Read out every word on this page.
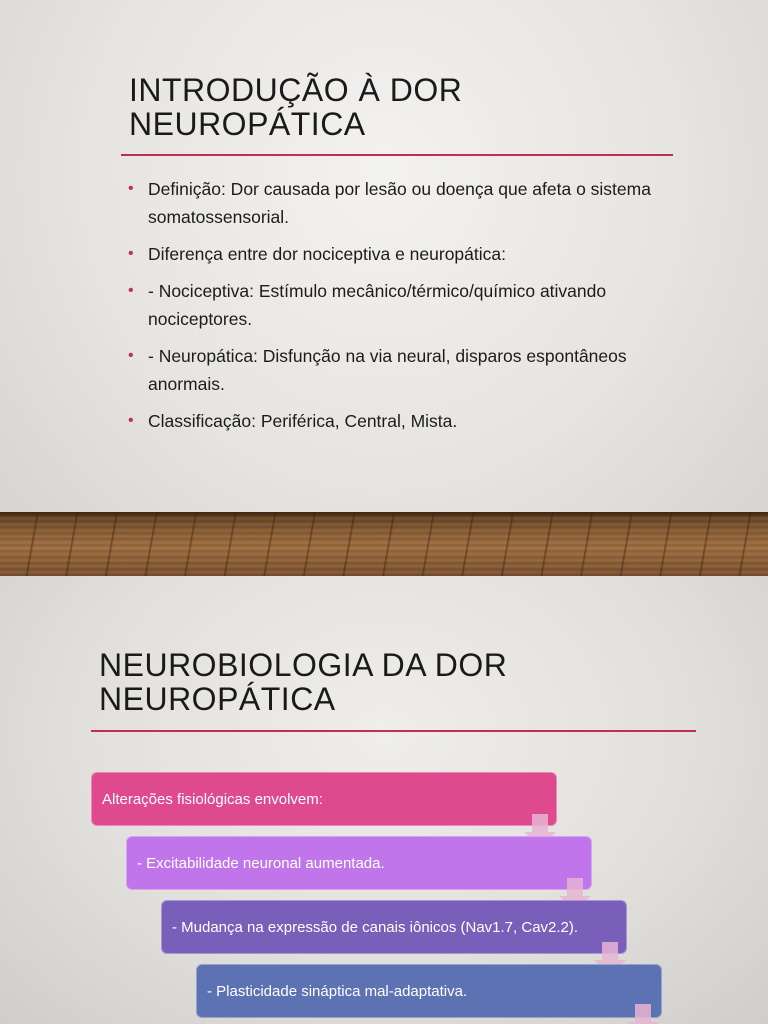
INTRODUÇÃO À DOR
NEUROPÁTICA
• Definição: Dor causada por lesão ou doença que afeta o sistema somatossensorial.
• Diferença entre dor nociceptiva e neuropática:
• - Nociceptiva: Estímulo mecânico/térmico/químico ativando nociceptores.
• - Neuropática: Disfunção na via neural, disparos espontâneos anormais.
• Classificação: Periférica, Central, Mista.
NEUROBIOLOGIA DA DOR
NEUROPÁTICA
Alterações fisiológicas envolvem:
- Excitabilidade neuronal aumentada.
- Mudança na expressão de canais iônicos (Nav1.7, Cav2.2).
- Plasticidade sináptica mal-adaptativa.
